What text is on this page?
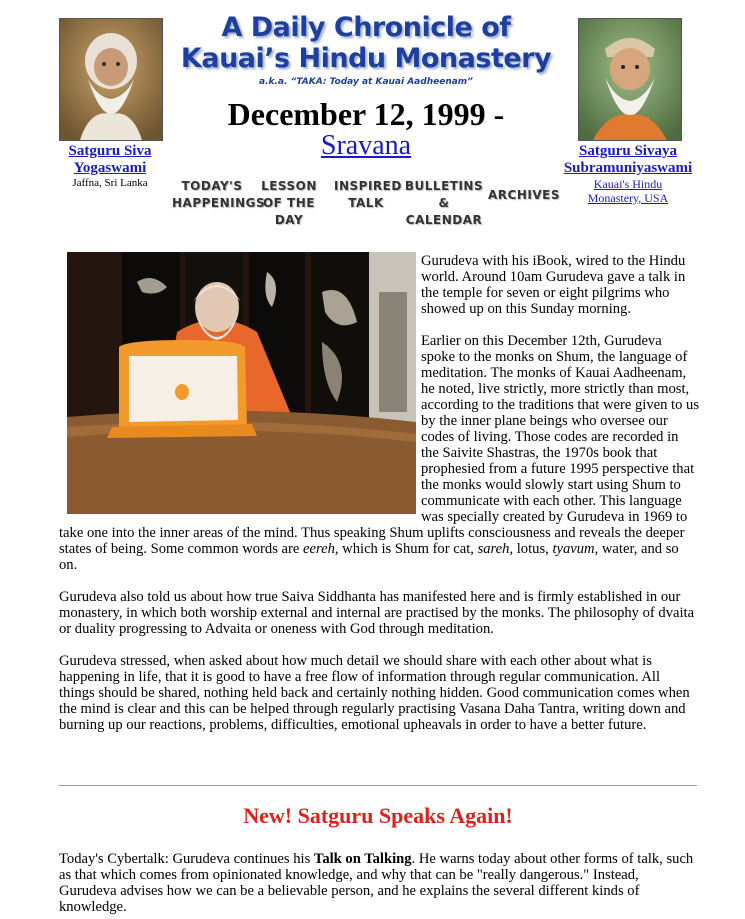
Satguru Siva
Yogaswami
Jaffna, Sri Lanka
A Daily Chronicle of
Kauai’s Hindu Monastery
a.k.a. “TAKA: Today at Kauai Aadheenam”
December 12, 1999 -
Sravana
TODAY'S
HAPPENINGS
LESSON
OF THE DAY
INSPIRED
TALK
BULLETINS
& CALENDAR
ARCHIVES
Satguru Sivaya
Subramuniyaswami
Kauai's Hindu
Monastery, USA

Gurudeva with his iBook, wired to the Hindu world. Around 10am Gurudeva gave a talk in the temple for seven or eight pilgrims who showed up on this Sunday morning.

Earlier on this December 12th, Gurudeva spoke to the monks on Shum, the language of meditation. The monks of Kauai Aadheenam, he noted, live strictly, more strictly than most, according to the traditions that were given to us by the inner plane beings who oversee our codes of living. Those codes are recorded in the Saivite Shastras, the 1970s book that prophesied from a future 1995 perspective that the monks would slowly start using Shum to communicate with each other. This language was specially created by Gurudeva in 1969 to take one into the inner areas of the mind. Thus speaking Shum uplifts consciousness and reveals the deeper states of being. Some common words are eereh, which is Shum for cat, sareh, lotus, tyavum, water, and so on.

Gurudeva also told us about how true Saiva Siddhanta has manifested here and is firmly established in our monastery, in which both worship external and internal are practised by the monks. The philosophy of dvaita or duality progressing to Advaita or oneness with God through meditation.

Gurudeva stressed, when asked about how much detail we should share with each other about what is happening in life, that it is good to have a free flow of information through regular communication. All things should be shared, nothing held back and certainly nothing hidden. Good communication comes when the mind is clear and this can be helped through regularly practising Vasana Daha Tantra, writing down and burning up our reactions, problems, difficulties, emotional upheavals in order to have a better future.

New! Satguru Speaks Again!
Today's Cybertalk: Gurudeva continues his Talk on Talking. He warns today about other forms of talk, such as that which comes from opinionated knowledge, and why that can be "really dangerous." Instead, Gurudeva advises how we can be a believable person, and he explains the several different kinds of knowledge.
